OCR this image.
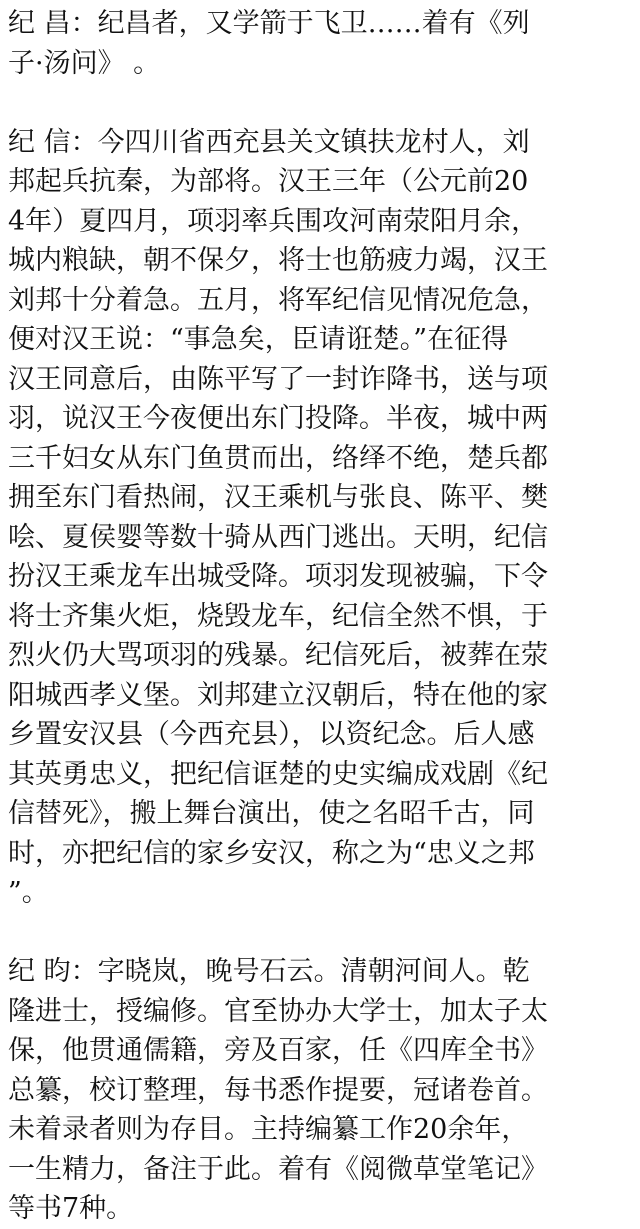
纪 昌：纪昌者，又学箭于飞卫……着有《列
子·汤问》 。
纪 信：今四川省西充县关文镇扶龙村人，刘
邦起兵抗秦，为部将。汉王三年（公元前20
4年）夏四月，项羽率兵围攻河南荥阳月余，
城内粮缺，朝不保夕，将士也筋疲力竭，汉王
刘邦十分着急。五月，将军纪信见情况危急，
便对汉王说：“事急矣，臣请诳楚。”在征得
汉王同意后，由陈平写了一封诈降书，送与项
羽，说汉王今夜便出东门投降。半夜，城中两
三千妇女从东门鱼贯而出，络绎不绝，楚兵都
拥至东门看热闹，汉王乘机与张良、陈平、樊
哙、夏侯婴等数十骑从西门逃出。天明，纪信
扮汉王乘龙车出城受降。项羽发现被骗，下令
将士齐集火炬，烧毁龙车，纪信全然不惧，于
烈火仍大骂项羽的残暴。纪信死后，被葬在荥
阳城西孝义堡。刘邦建立汉朝后，特在他的家
乡置安汉县（今西充县），以资纪念。后人感
其英勇忠义，把纪信诓楚的史实编成戏剧《纪
信替死》，搬上舞台演出，使之名昭千古，同
时，亦把纪信的家乡安汉，称之为“忠义之邦
”。
纪 昀：字晓岚，晚号石云。清朝河间人。乾
隆进士，授编修。官至协办大学士，加太子太
保，他贯通儒籍，旁及百家，任《四库全书》
总纂，校订整理，每书悉作提要，冠诸卷首。
未着录者则为存目。主持编纂工作20余年，
一生精力，备注于此。着有《阅微草堂笔记》
等书7种。
